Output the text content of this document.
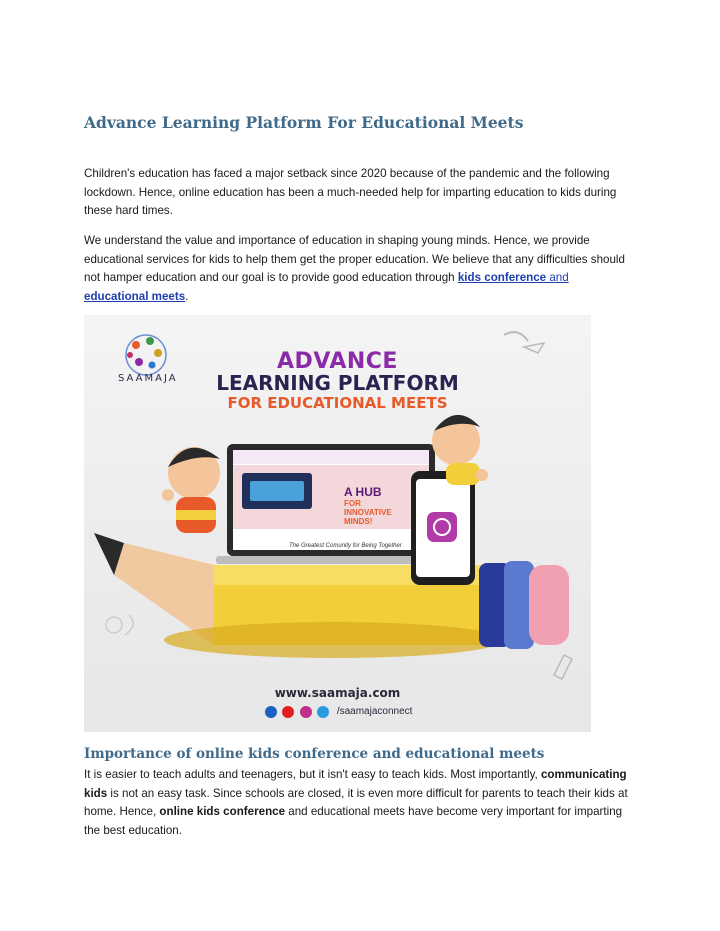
Advance Learning Platform For Educational Meets

Children's education has faced a major setback since 2020 because of the pandemic and the following lockdown. Hence, online education has been a much-needed help for imparting education to kids during these hard times.

We understand the value and importance of education in shaping young minds. Hence, we provide educational services for kids to help them get the proper education. We believe that any difficulties should not hamper education and our goal is to provide good education through kids conference and
educational meets.

SAAMAJA
ADVANCE
LEARNING PLATFORM
FOR EDUCATIONAL MEETS
A HUB
FOR INNOVATIVE MINDS!
The Greatest Comunity for Being Together
www.saamaja.com
/saamajaconnect
Importance of online kids conference and educational meets

It is easier to teach adults and teenagers, but it isn't easy to teach kids. Most importantly, communicating kids is not an easy task. Since schools are closed, it is even more difficult for parents to teach their kids at home. Hence, online kids conference and educational meets have become very important for imparting the best education.
